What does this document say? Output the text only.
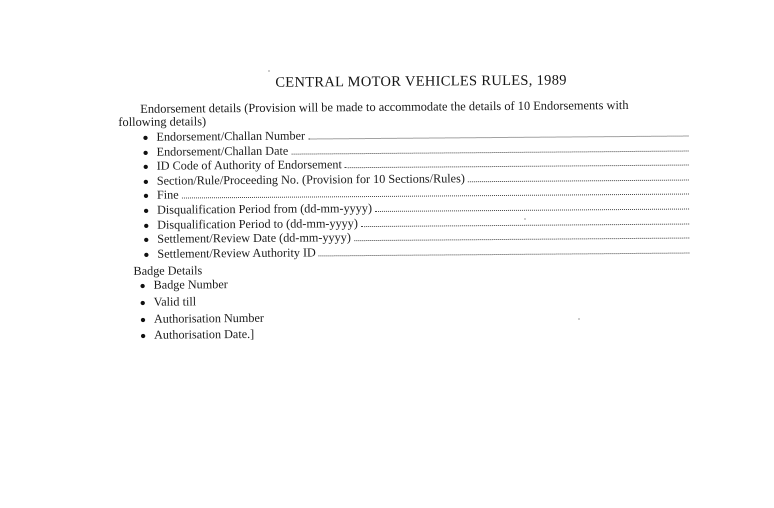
CENTRAL MOTOR VEHICLES RULES, 1989

Endorsement details (Provision will be made to accommodate the details of 10 Endorsements with
following details)

● Endorsement/Challan Number
● Endorsement/Challan Date
● ID Code of Authority of Endorsement
● Section/Rule/Proceeding No. (Provision for 10 Sections/Rules)
● Fine
● Disqualification Period from (dd-mm-yyyy)
● Disqualification Period to (dd-mm-yyyy)
● Settlement/Review Date (dd-mm-yyyy)
● Settlement/Review Authority ID
Badge Details
● Badge Number
● Valid till
● Authorisation Number
● Authorisation Date.]
